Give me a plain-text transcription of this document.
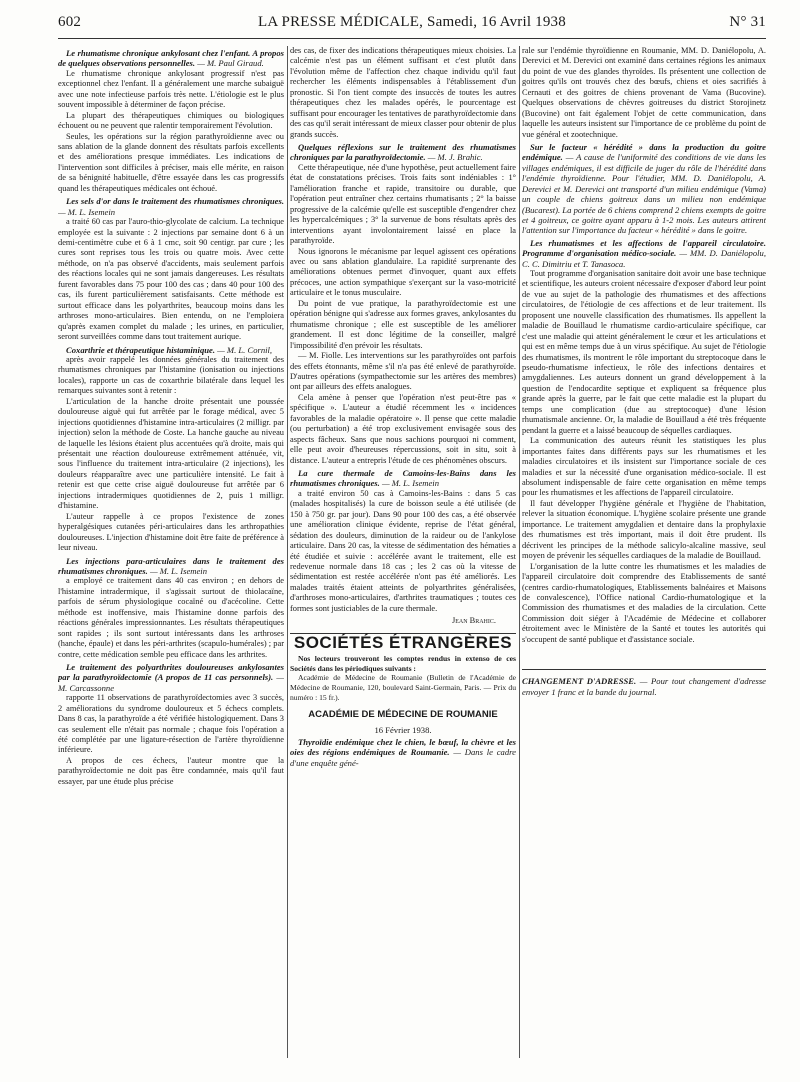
602	LA PRESSE MÉDICALE, Samedi, 16 Avril 1938	N° 31
Le rhumatisme chronique ankylosant chez l'enfant. A propos de quelques observations personnelles. — M. Paul Giraud.

Le rhumatisme chronique ankylosant progressif n'est pas exceptionnel chez l'enfant. Il a généralement une marche subaiguë avec une note infectieuse parfois très nette. L'étiologie est le plus souvent impossible à déterminer de façon précise.

La plupart des thérapeutiques chimiques ou biologiques échouent ou ne peuvent que ralentir temporairement l'évolution.

Seules, les opérations sur la région parathyroïdienne avec ou sans ablation de la glande donnent des résultats parfois excellents et des améliorations presque immédiates. Les indications de l'intervention sont difficiles à préciser, mais elle mérite, en raison de sa bénignité habituelle, d'être essayée dans les cas progressifs quand les thérapeutiques médicales ont échoué.

Les sels d'or dans le traitement des rhumatismes chroniques. — M. L. Isemein

a traité 60 cas par l'auro-thio-glycolate de calcium. La technique employée est la suivante : 2 injections par semaine dont 6 à un demi-centimètre cube et 6 à 1 cmc, soit 90 centigr. par cure ; les cures sont reprises tous les trois ou quatre mois. Avec cette méthode, on n'a pas observé d'accidents, mais seulement parfois des réactions locales qui ne sont jamais dangereuses. Les résultats furent favorables dans 75 pour 100 des cas ; dans 40 pour 100 des cas, ils furent particulièrement satisfaisants. Cette méthode est surtout efficace dans les polyarthrites, beaucoup moins dans les arthroses mono-articulaires. Bien entendu, on ne l'emploiera qu'après examen complet du malade ; les urines, en particulier, seront surveillées comme dans tout traitement aurique.

Coxarthrie et thérapeutique histaminique. — M. L. Cornil,

après avoir rappelé les données générales du traitement des rhumatismes chroniques par l'histamine (ionisation ou injections locales), rapporte un cas de coxarthrie bilatérale dans lequel les remarques suivantes sont à retenir :

L'articulation de la hanche droite présentait une poussée douloureuse aiguë qui fut arrêtée par le forage médical, avec 5 injections quotidiennes d'histamine intra-articulaires (2 milligr. par injection) selon la méthode de Coste. La hanche gauche au niveau de laquelle les lésions étaient plus accentuées qu'à droite, mais qui présentait une réaction douloureuse extrêmement atténuée, vit, sous l'influence du traitement intra-articulaire (2 injections), les douleurs réapparaître avec une particulière intensité. Le fait à retenir est que cette crise aiguë douloureuse fut arrêtée par 6 injections intradermiques quotidiennes de 2, puis 1 milligr. d'histamine.

L'auteur rappelle à ce propos l'existence de zones hyperalgésiques cutanées péri-articulaires dans les arthropathies douloureuses. L'injection d'histamine doit être faite de préférence à leur niveau.

Les injections para-articulaires dans le traitement des rhumatismes chroniques. — M. L. Isemein

a employé ce traitement dans 40 cas environ ; en dehors de l'histamine intradermique, il s'agissait surtout de thiolacaïne, parfois de sérum physiologique cocaïné ou d'acécoline. Cette méthode est inoffensive, mais l'histamine donne parfois des réactions générales impressionnantes. Les résultats thérapeutiques sont rapides ; ils sont surtout intéressants dans les arthroses (hanche, épaule) et dans les péri-arthrites (scapulo-humérales) ; par contre, cette médication semble peu efficace dans les arthrites.

Le traitement des polyarthrites douloureuses ankylosantes par la parathyroïdectomie (A propos de 11 cas personnels). — M. Carcassonne

rapporte 11 observations de parathyroïdectomies avec 3 succès, 2 améliorations du syndrome douloureux et 5 échecs complets. Dans 8 cas, la parathyroïde a été vérifiée histologiquement. Dans 3 cas seulement elle n'était pas normale ; chaque fois l'opération a été complétée par une ligature-résection de l'artère thyroïdienne inférieure.

A propos de ces échecs, l'auteur montre que la parathyroïdectomie ne doit pas être condamnée, mais qu'il faut essayer, par une étude plus précise

des cas, de fixer des indications thérapeutiques mieux choisies. La calcémie n'est pas un élément suffisant et c'est plutôt dans l'évolution même de l'affection chez chaque individu qu'il faut rechercher les éléments indispensables à l'établissement d'un pronostic. Si l'on tient compte des insuccès de toutes les autres thérapeutiques chez les malades opérés, le pourcentage est suffisant pour encourager les tentatives de parathyroïdectomie dans des cas qu'il serait intéressant de mieux classer pour obtenir de plus grands succès.

Quelques réflexions sur le traitement des rhumatismes chroniques par la parathyroïdectomie. — M. J. Brahic.

Cette thérapeutique, née d'une hypothèse, peut actuellement faire état de constatations précises. Trois faits sont indéniables : 1° l'amélioration franche et rapide, transitoire ou durable, que l'opération peut entraîner chez certains rhumatisants ; 2° la baisse progressive de la calcémie qu'elle est susceptible d'engendrer chez les hypercalcémiques ; 3° la survenue de bons résultats après des interventions ayant involontairement laissé en place la parathyroïde.

Nous ignorons le mécanisme par lequel agissent ces opérations avec ou sans ablation glandulaire. La rapidité surprenante des améliorations obtenues permet d'invoquer, quant aux effets précoces, une action sympathique s'exerçant sur la vaso-motricité articulaire et le tonus musculaire.

Du point de vue pratique, la parathyroïdectomie est une opération bénigne qui s'adresse aux formes graves, ankylosantes du rhumatisme chronique ; elle est susceptible de les améliorer grandement. Il est donc légitime de la conseiller, malgré l'impossibilité d'en prévoir les résultats.

— M. Fiolle. Les interventions sur les parathyroïdes ont parfois des effets étonnants, même s'il n'a pas été enlevé de parathyroïde. D'autres opérations (sympathectomie sur les artères des membres) ont par ailleurs des effets analogues.

Cela amène à penser que l'opération n'est peut-être pas « spécifique ». L'auteur a étudié récemment les « incidences favorables de la maladie opératoire ». Il pense que cette maladie (ou perturbation) a été trop exclusivement envisagée sous des aspects fâcheux. Sans que nous sachions pourquoi ni comment, elle peut avoir d'heureuses répercussions, soit in situ, soit à distance. L'auteur a entrepris l'étude de ces phénomènes obscurs.

La cure thermale de Camoins-les-Bains dans les rhumatismes chroniques. — M. L. Isemein

a traité environ 50 cas à Camoins-les-Bains : dans 5 cas (malades hospitalisés) la cure de boisson seule a été utilisée (de 150 à 750 gr. par jour). Dans 90 pour 100 des cas, a été observée une amélioration clinique évidente, reprise de l'état général, sédation des douleurs, diminution de la raideur ou de l'ankylose articulaire. Dans 20 cas, la vitesse de sédimentation des hématies a été étudiée et suivie : accélérée avant le traitement, elle est redevenue normale dans 18 cas ; les 2 cas où la vitesse de sédimentation est restée accélérée n'ont pas été améliorés. Les malades traités étaient atteints de polyarthrites généralisées, d'arthroses mono-articulaires, d'arthrites traumatiques ; toutes ces formes sont justiciables de la cure thermale.

Jean Brahic.
SOCIÉTÉS ÉTRANGÈRES

Nos lecteurs trouveront les comptes rendus in extenso de ces Sociétés dans les périodiques suivants :

Académie de Médecine de Roumanie (Bulletin de l'Académie de Médecine de Roumanie, 120, boulevard Saint-Germain, Paris. — Prix du numéro : 15 fr.).

ACADÉMIE DE MÉDECINE DE ROUMANIE
16 Février 1938.
Thyroïdie endémique chez le chien, le bœuf, la chèvre et les oies des régions endémiques de Roumanie. — Dans le cadre d'une enquête géné-

rale sur l'endémie thyroïdienne en Roumanie, MM. D. Daniélopolu, A. Derevici et M. Derevici ont examiné dans certaines régions les animaux du point de vue des glandes thyroïdes. Ils présentent une collection de goitres qu'ils ont trouvés chez des bœufs, chiens et oies sacrifiés à Cernauti et des goitres de chiens provenant de Vama (Bucovine). Quelques observations de chèvres goitreuses du district Storojinetz (Bucovine) ont fait également l'objet de cette communication, dans laquelle les auteurs insistent sur l'importance de ce problème du point de vue général et zootechnique.

Sur le facteur « hérédité » dans la production du goitre endémique. — A cause de l'uniformité des conditions de vie dans les villages endémiques, il est difficile de juger du rôle de l'hérédité dans l'endémie thyroïdienne. Pour l'étudier, MM. D. Daniélopolu, A. Derevici et M. Derevici ont transporté d'un milieu endémique (Vama) un couple de chiens goitreux dans un milieu non endémique (Bucarest). La portée de 6 chiens comprend 2 chiens exempts de goitre et 4 goitreux, ce goitre ayant apparu à 1-2 mois. Les auteurs attirent l'attention sur l'importance du facteur « hérédité » dans le goitre.
Les rhumatismes et les affections de l'appareil circulatoire. Programme d'organisation médico-sociale. — MM. D. Daniélopolu, C. C. Dimitriu et T. Tanasoca.

Tout programme d'organisation sanitaire doit avoir une base technique et scientifique, les auteurs croient nécessaire d'exposer d'abord leur point de vue au sujet de la pathologie des rhumatismes et des affections circulatoires, de l'étiologie de ces affections et de leur traitement. Ils proposent une nouvelle classification des rhumatismes. Ils appellent la maladie de Bouillaud le rhumatisme cardio-articulaire spécifique, car c'est une maladie qui atteint généralement le cœur et les articulations et qui est en même temps due à un virus spécifique. Au sujet de l'étiologie des rhumatismes, ils montrent le rôle important du streptocoque dans le pseudo-rhumatisme infectieux, le rôle des infections dentaires et amygdaliennes. Les auteurs donnent un grand développement à la question de l'endocardite septique et expliquent sa fréquence plus grande après la guerre, par le fait que cette maladie est la plupart du temps une complication (due au streptocoque) d'une lésion rhumatismale ancienne. Or, la maladie de Bouillaud a été très fréquente pendant la guerre et a laissé beaucoup de séquelles cardiaques.

La communication des auteurs réunit les statistiques les plus importantes faites dans différents pays sur les rhumatismes et les maladies circulatoires et ils insistent sur l'importance sociale de ces maladies et sur la nécessité d'une organisation médico-sociale. Il est absolument indispensable de faire cette organisation en même temps pour les rhumatismes et les affections de l'appareil circulatoire.

Il faut développer l'hygiène générale et l'hygiène de l'habitation, relever la situation économique. L'hygiène scolaire présente une grande importance. Le traitement amygdalien et dentaire dans la prophylaxie des rhumatismes est très important, mais il doit être prudent. Ils décrivent les principes de la méthode salicylo-alcaline massive, seul moyen de prévenir les séquelles cardiaques de la maladie de Bouillaud.

L'organisation de la lutte contre les rhumatismes et les maladies de l'appareil circulatoire doit comprendre des Etablissements de santé (centres cardio-rhumatologiques, Etablissements balnéaires et Maisons de convalescence), l'Office national Cardio-rhumatologique et la Commission des rhumatismes et des maladies de la circulation. Cette Commission doit siéger à l'Académie de Médecine et collaborer étroitement avec le Ministère de la Santé et toutes les autorités qui s'occupent de santé publique et d'assistance sociale.

CHANGEMENT D'ADRESSE. — Pour tout changement d'adresse envoyer 1 franc et la bande du journal.
